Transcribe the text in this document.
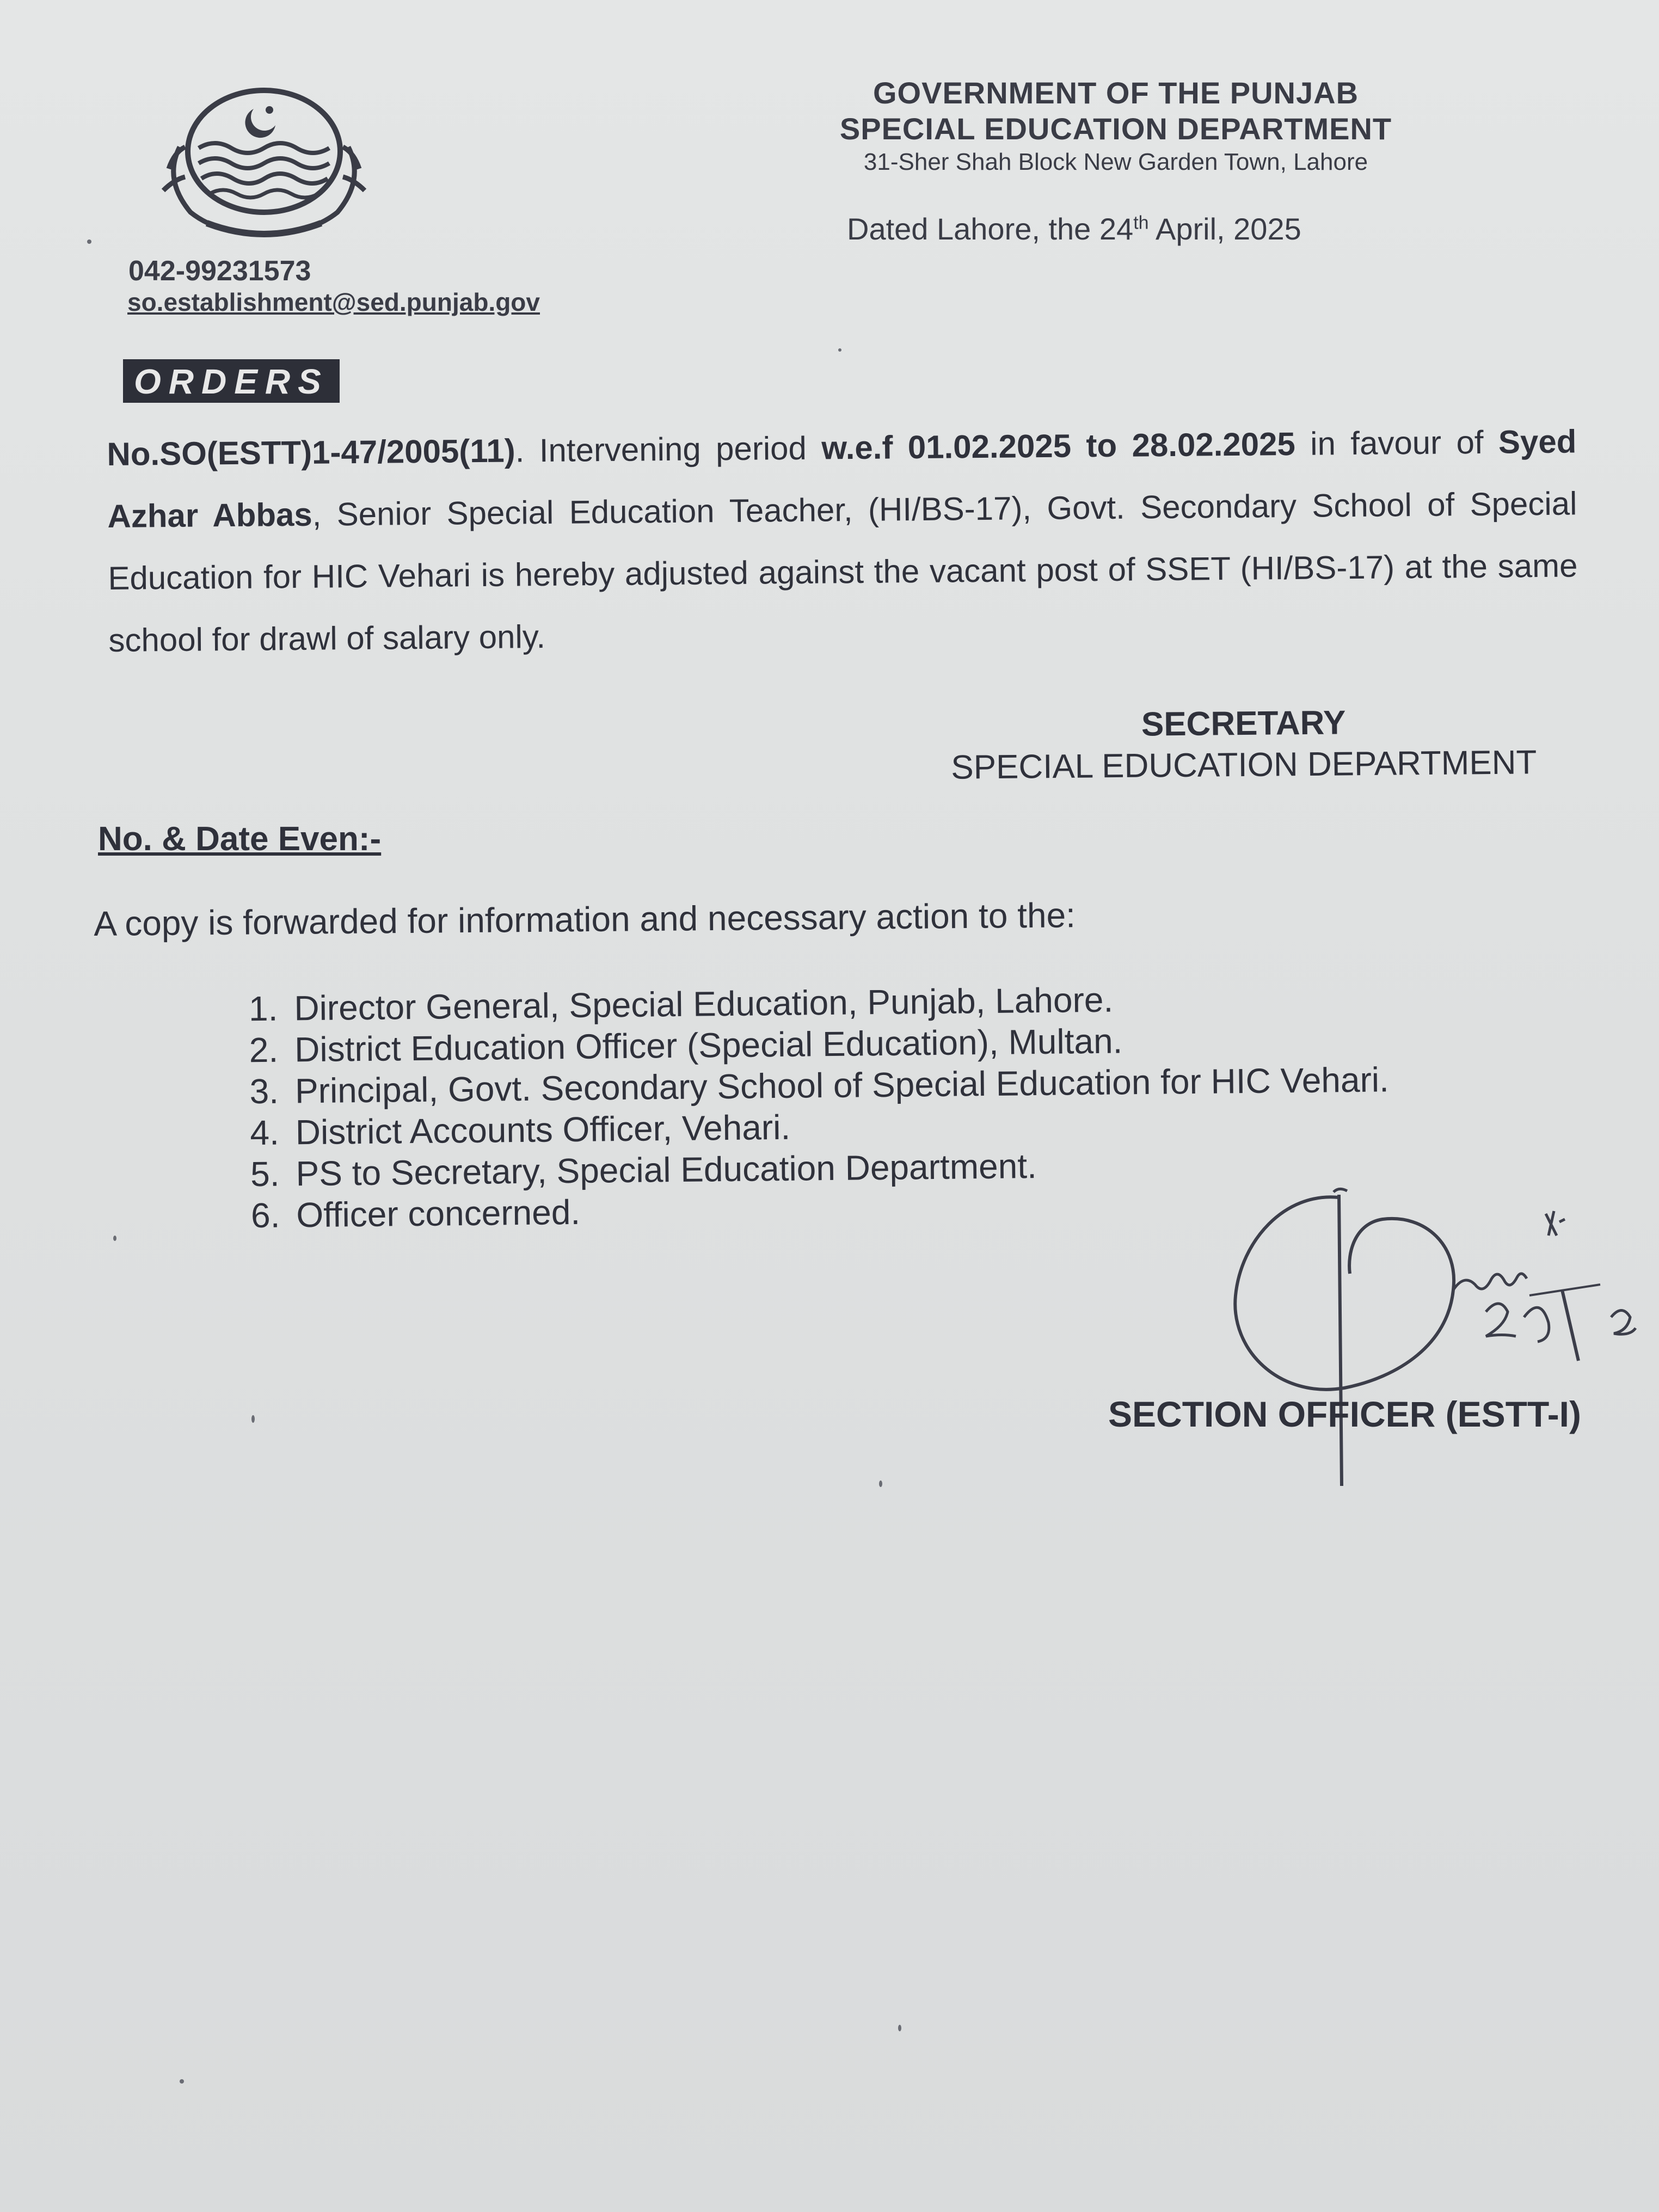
GOVERNMENT OF THE PUNJAB

SPECIAL EDUCATION DEPARTMENT

31-Sher Shah Block New Garden Town, Lahore

Dated Lahore, the 24th April, 2025
042-99231573
so.establishment@sed.punjab.gov
ORDERS
No.SO(ESTT)1-47/2005(11). Intervening period w.e.f 01.02.2025 to 28.02.2025 in favour of Syed Azhar Abbas, Senior Special Education Teacher, (HI/BS-17), Govt. Secondary School of Special Education for HIC Vehari is hereby adjusted against the vacant post of SSET (HI/BS-17) at the same school for drawl of salary only.
SECRETARY
SPECIAL EDUCATION DEPARTMENT
No. & Date Even:-
A copy is forwarded for information and necessary action to the:
1. Director General, Special Education, Punjab, Lahore.
2. District Education Officer (Special Education), Multan.
3. Principal, Govt. Secondary School of Special Education for HIC Vehari.
4. District Accounts Officer, Vehari.
5. PS to Secretary, Special Education Department.
6. Officer concerned.
SECTION OFFICER (ESTT-I)
